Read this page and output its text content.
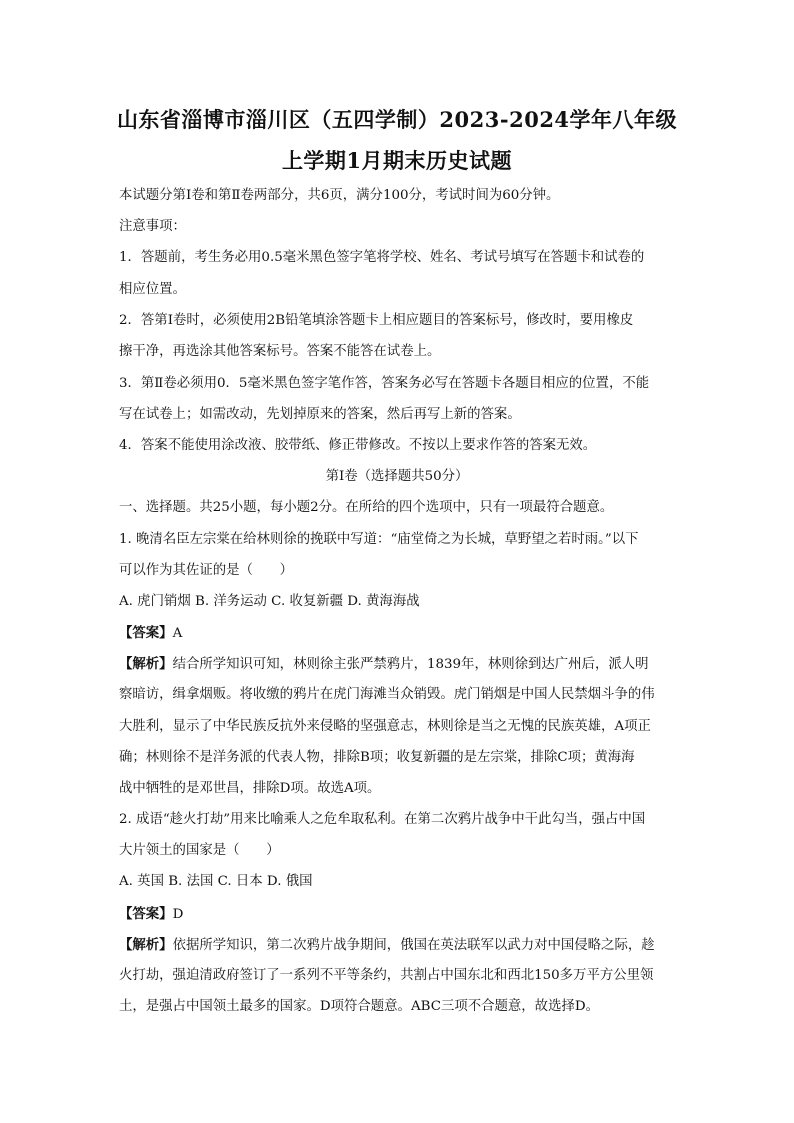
山东省淄博市淄川区（五四学制）2023-2024学年八年级
上学期1月期末历史试题
本试题分第Ⅰ卷和第Ⅱ卷两部分，共6页，满分100分，考试时间为60分钟。
注意事项：
1．答题前，考生务必用0.5毫米黑色签字笔将学校、姓名、考试号填写在答题卡和试卷的
相应位置。
2．答第Ⅰ卷时，必须使用2B铅笔填涂答题卡上相应题目的答案标号，修改时，要用橡皮
擦干净，再选涂其他答案标号。答案不能答在试卷上。
3．第Ⅱ卷必须用0．5毫米黑色签字笔作答，答案务必写在答题卡各题目相应的位置，不能
写在试卷上；如需改动，先划掉原来的答案，然后再写上新的答案。
4．答案不能使用涂改液、胶带纸、修正带修改。不按以上要求作答的答案无效。
第Ⅰ卷（选择题共50分）
一、选择题。共25小题，每小题2分。在所给的四个选项中，只有一项最符合题意。
1. 晚清名臣左宗棠在给林则徐的挽联中写道：“庙堂倚之为长城，草野望之若时雨。”以下
可以作为其佐证的是（　　）
A. 虎门销烟 B. 洋务运动 C. 收复新疆 D. 黄海海战
【答案】A
【解析】结合所学知识可知，林则徐主张严禁鸦片，1839年，林则徐到达广州后，派人明
察暗访，缉拿烟贩。将收缴的鸦片在虎门海滩当众销毁。虎门销烟是中国人民禁烟斗争的伟
大胜利，显示了中华民族反抗外来侵略的坚强意志，林则徐是当之无愧的民族英雄，A项正
确；林则徐不是洋务派的代表人物，排除B项；收复新疆的是左宗棠，排除C项；黄海海
战中牺牲的是邓世昌，排除D项。故选A项。
2. 成语“趁火打劫”用来比喻乘人之危牟取私利。在第二次鸦片战争中干此勾当，强占中国
大片领土的国家是（　　）
A. 英国 B. 法国 C. 日本 D. 俄国
【答案】D
【解析】依据所学知识，第二次鸦片战争期间，俄国在英法联军以武力对中国侵略之际，趁
火打劫，强迫清政府签订了一系列不平等条约，共割占中国东北和西北150多万平方公里领
土，是强占中国领土最多的国家。D项符合题意。ABC三项不合题意，故选择D。
